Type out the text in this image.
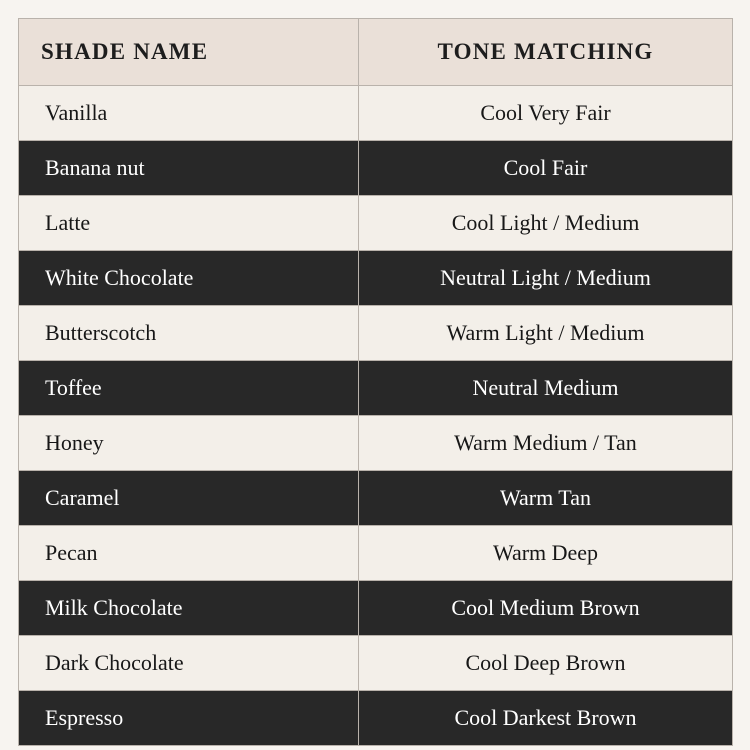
SHADE NAME	TONE MATCHING
Vanilla	Cool Very Fair
Banana nut	Cool Fair
Latte	Cool Light / Medium
White Chocolate	Neutral Light / Medium
Butterscotch	Warm Light / Medium
Toffee	Neutral Medium
Honey	Warm Medium / Tan
Caramel	Warm Tan
Pecan	Warm Deep
Milk Chocolate	Cool Medium Brown
Dark Chocolate	Cool Deep Brown
Espresso	Cool Darkest Brown
